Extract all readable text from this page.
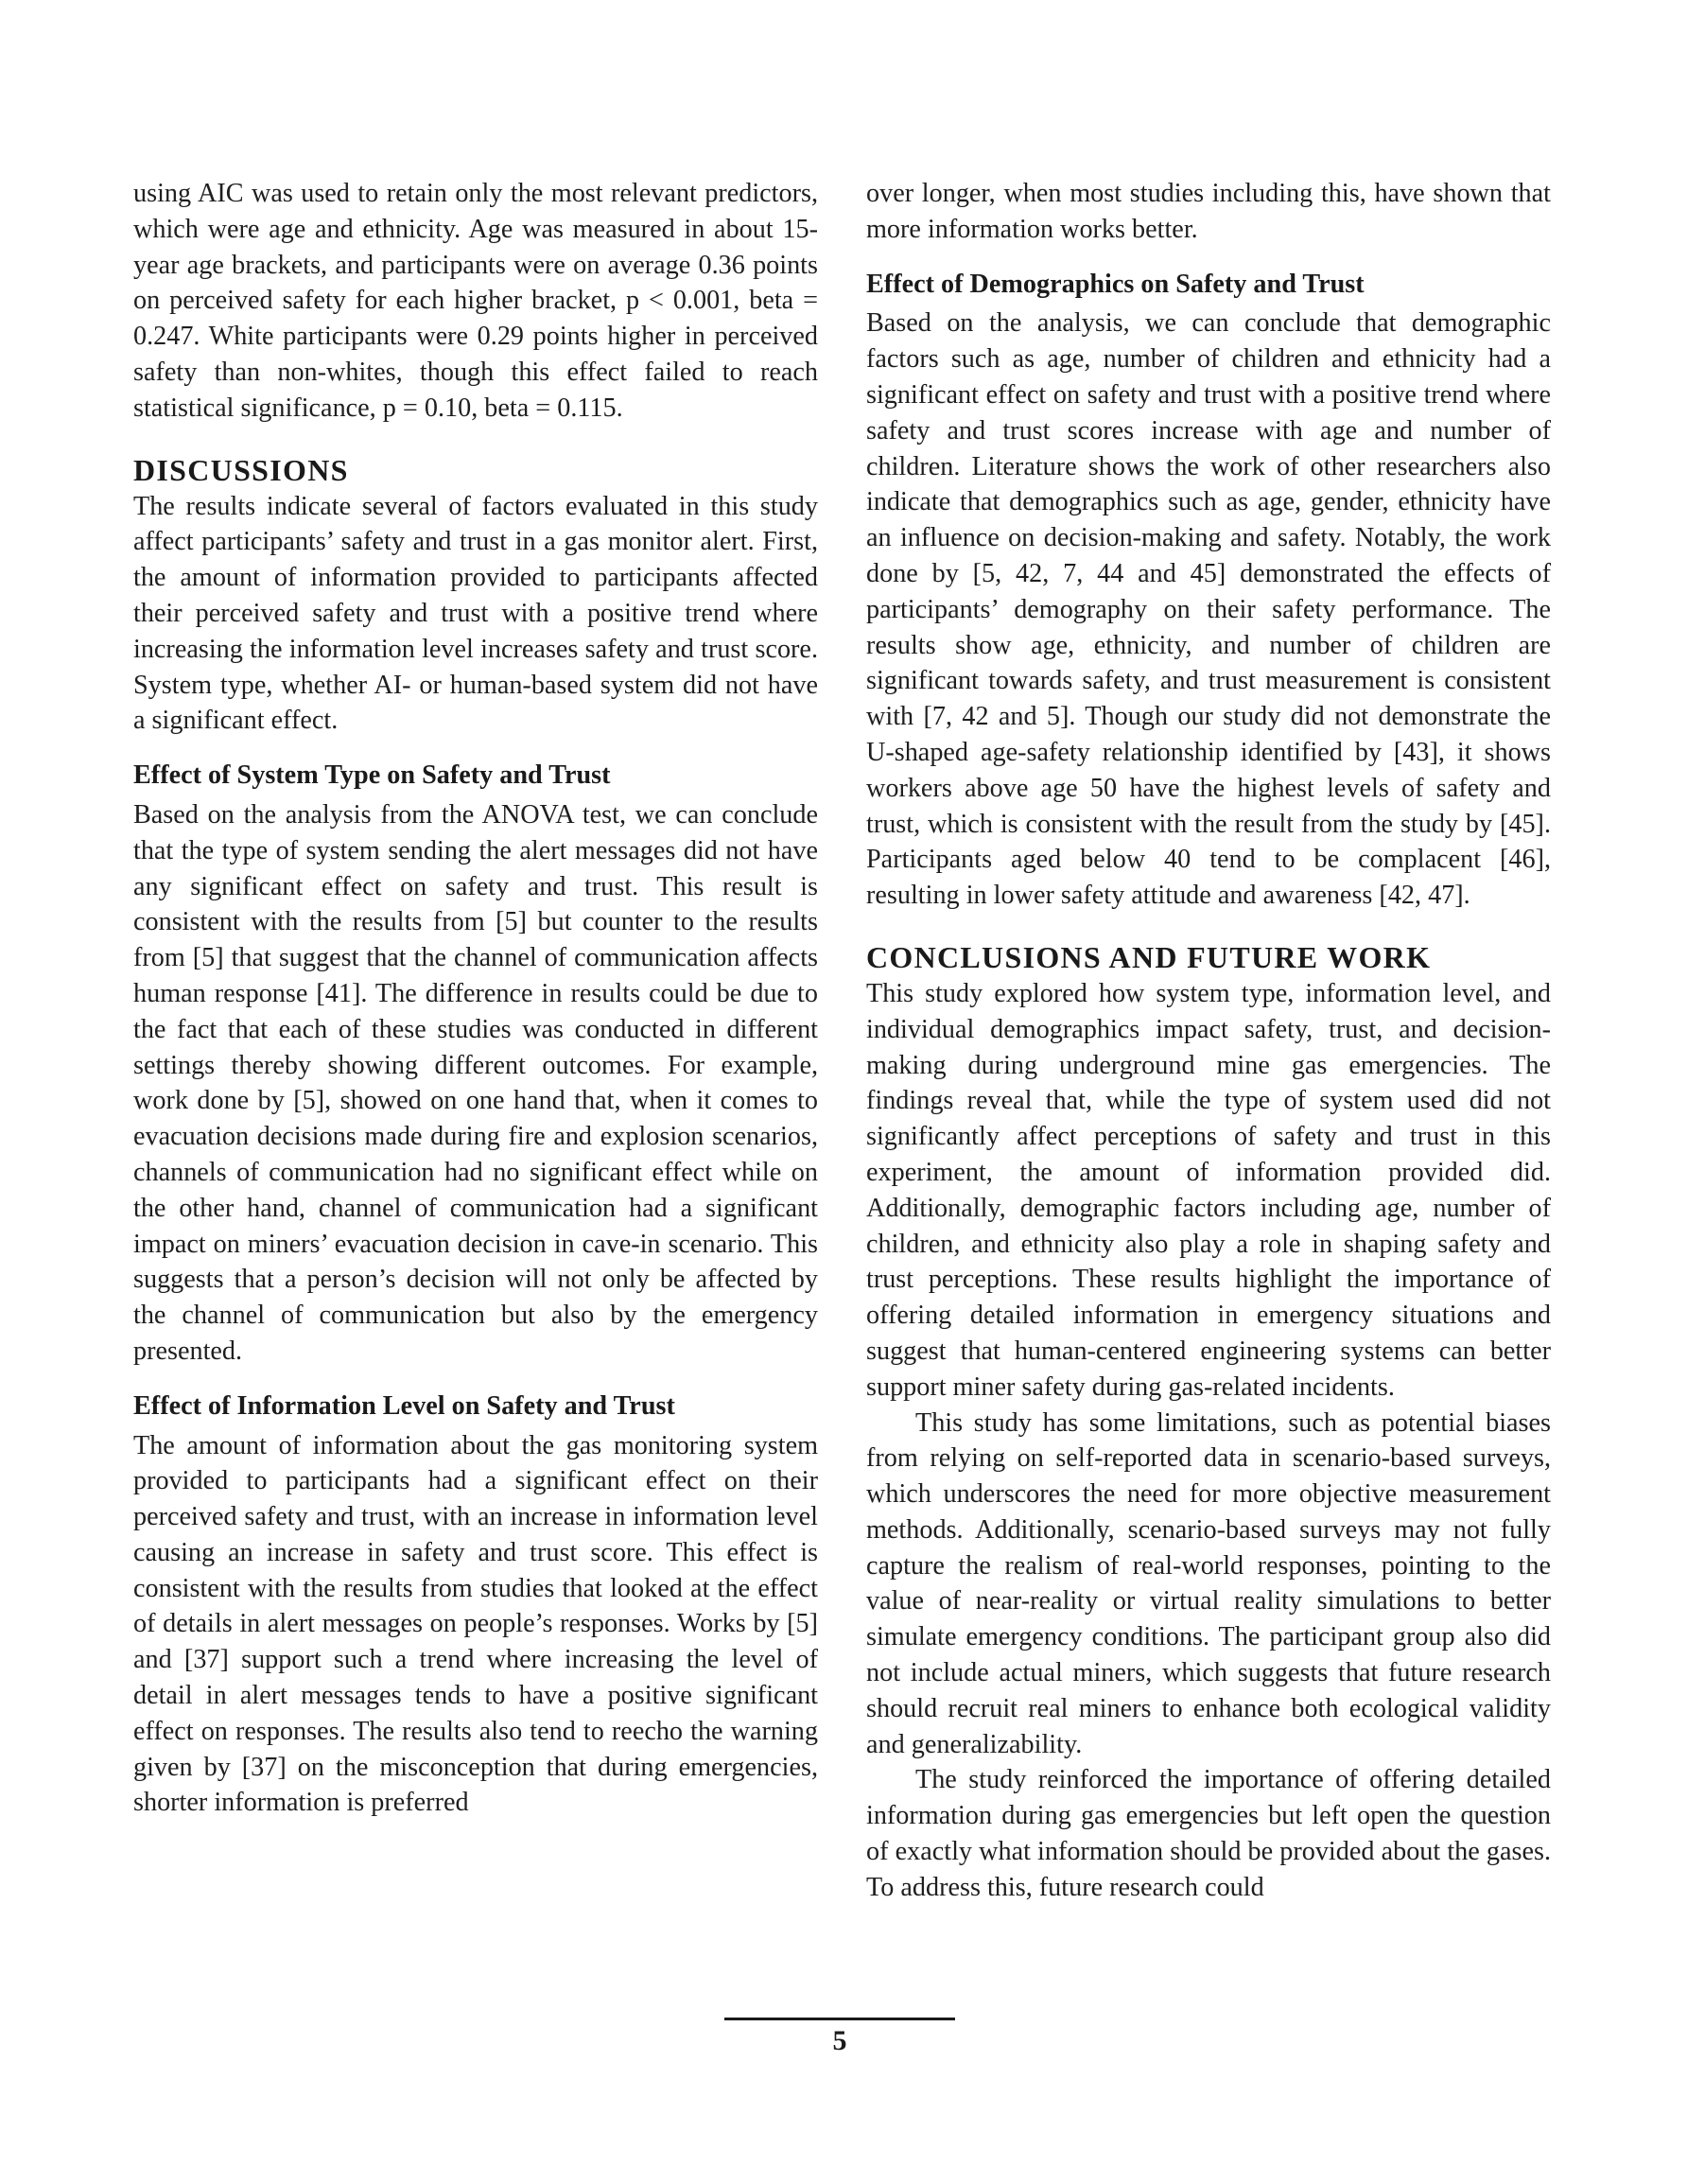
using AIC was used to retain only the most relevant predictors, which were age and ethnicity. Age was measured in about 15-year age brackets, and participants were on average 0.36 points on perceived safety for each higher bracket, p < 0.001, beta = 0.247. White participants were 0.29 points higher in perceived safety than non-whites, though this effect failed to reach statistical significance, p = 0.10, beta = 0.115.

DISCUSSIONS

The results indicate several of factors evaluated in this study affect participants’ safety and trust in a gas monitor alert. First, the amount of information provided to participants affected their perceived safety and trust with a positive trend where increasing the information level increases safety and trust score. System type, whether AI- or human-based system did not have a significant effect.

Effect of System Type on Safety and Trust

Based on the analysis from the ANOVA test, we can conclude that the type of system sending the alert messages did not have any significant effect on safety and trust. This result is consistent with the results from [5] but counter to the results from [5] that suggest that the channel of communication affects human response [41]. The difference in results could be due to the fact that each of these studies was conducted in different settings thereby showing different outcomes. For example, work done by [5], showed on one hand that, when it comes to evacuation decisions made during fire and explosion scenarios, channels of communication had no significant effect while on the other hand, channel of communication had a significant impact on miners’ evacuation decision in cave-in scenario. This suggests that a person’s decision will not only be affected by the channel of communication but also by the emergency presented.

Effect of Information Level on Safety and Trust

The amount of information about the gas monitoring system provided to participants had a significant effect on their perceived safety and trust, with an increase in information level causing an increase in safety and trust score. This effect is consistent with the results from studies that looked at the effect of details in alert messages on people’s responses. Works by [5] and [37] support such a trend where increasing the level of detail in alert messages tends to have a positive significant effect on responses. The results also tend to reecho the warning given by [37] on the misconception that during emergencies, shorter information is preferred

over longer, when most studies including this, have shown that more information works better.

Effect of Demographics on Safety and Trust

Based on the analysis, we can conclude that demographic factors such as age, number of children and ethnicity had a significant effect on safety and trust with a positive trend where safety and trust scores increase with age and number of children. Literature shows the work of other researchers also indicate that demographics such as age, gender, ethnicity have an influence on decision-making and safety. Notably, the work done by [5, 42, 7, 44 and 45] demonstrated the effects of participants’ demography on their safety performance. The results show age, ethnicity, and number of children are significant towards safety, and trust measurement is consistent with [7, 42 and 5]. Though our study did not demonstrate the U-shaped age-safety relationship identified by [43], it shows workers above age 50 have the highest levels of safety and trust, which is consistent with the result from the study by [45]. Participants aged below 40 tend to be complacent [46], resulting in lower safety attitude and awareness [42, 47].

CONCLUSIONS AND FUTURE WORK

This study explored how system type, information level, and individual demographics impact safety, trust, and decision-making during underground mine gas emergencies. The findings reveal that, while the type of system used did not significantly affect perceptions of safety and trust in this experiment, the amount of information provided did. Additionally, demographic factors including age, number of children, and ethnicity also play a role in shaping safety and trust perceptions. These results highlight the importance of offering detailed information in emergency situations and suggest that human-centered engineering systems can better support miner safety during gas-related incidents.

This study has some limitations, such as potential biases from relying on self-reported data in scenario-based surveys, which underscores the need for more objective measurement methods. Additionally, scenario-based surveys may not fully capture the realism of real-world responses, pointing to the value of near-reality or virtual reality simulations to better simulate emergency conditions. The participant group also did not include actual miners, which suggests that future research should recruit real miners to enhance both ecological validity and generalizability.

The study reinforced the importance of offering detailed information during gas emergencies but left open the question of exactly what information should be provided about the gases. To address this, future research could

5
